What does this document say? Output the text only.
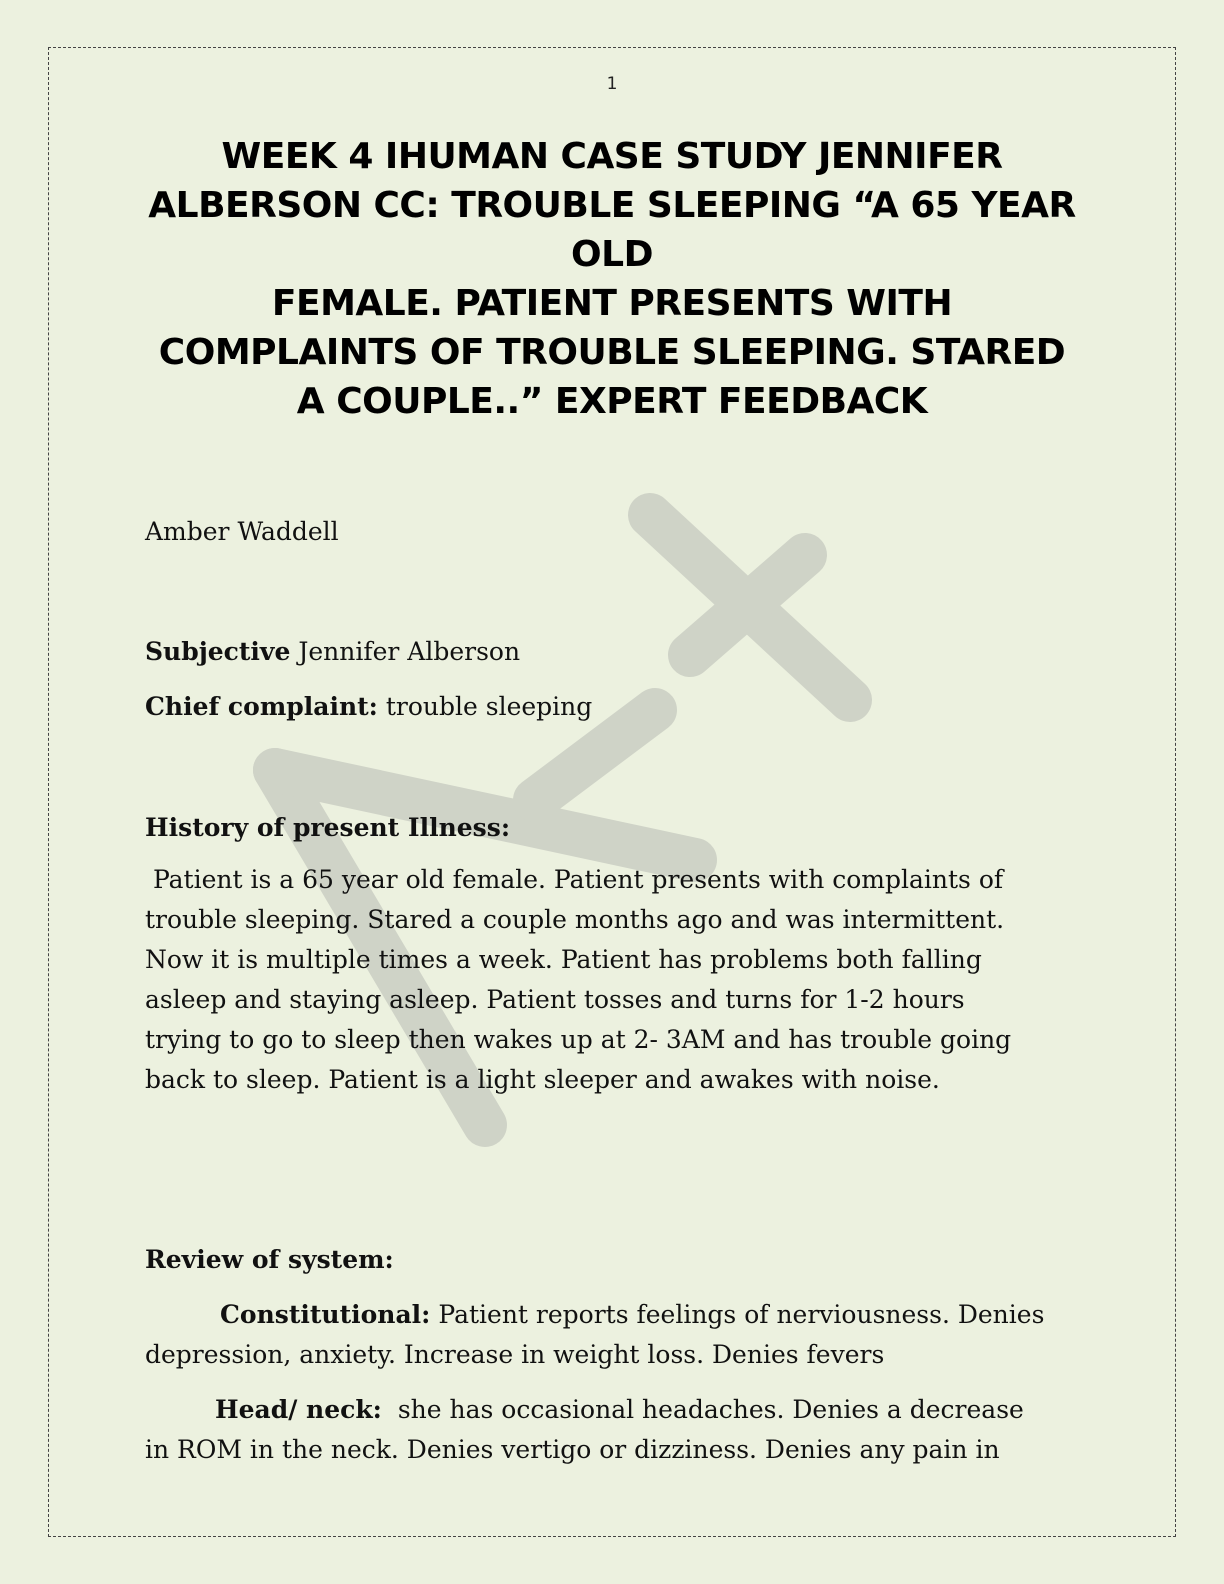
1
WEEK 4 IHUMAN CASE STUDY JENNIFER
ALBERSON CC: TROUBLE SLEEPING “A 65 YEAR
OLD
FEMALE. PATIENT PRESENTS WITH
COMPLAINTS OF TROUBLE SLEEPING. STARED
A COUPLE..” EXPERT FEEDBACK

Amber Waddell

Subjective Jennifer Alberson

Chief complaint: trouble sleeping

History of present Illness:

Patient is a 65 year old female. Patient presents with complaints of
trouble sleeping. Stared a couple months ago and was intermittent.
Now it is multiple times a week. Patient has problems both falling
asleep and staying asleep. Patient tosses and turns for 1-2 hours
trying to go to sleep then wakes up at 2- 3AM and has trouble going
back to sleep. Patient is a light sleeper and awakes with noise.

Review of system:

Constitutional: Patient reports feelings of nerviousness. Denies
depression, anxiety. Increase in weight loss. Denies fevers

Head/ neck: she has occasional headaches. Denies a decrease
in ROM in the neck. Denies vertigo or dizziness. Denies any pain in
